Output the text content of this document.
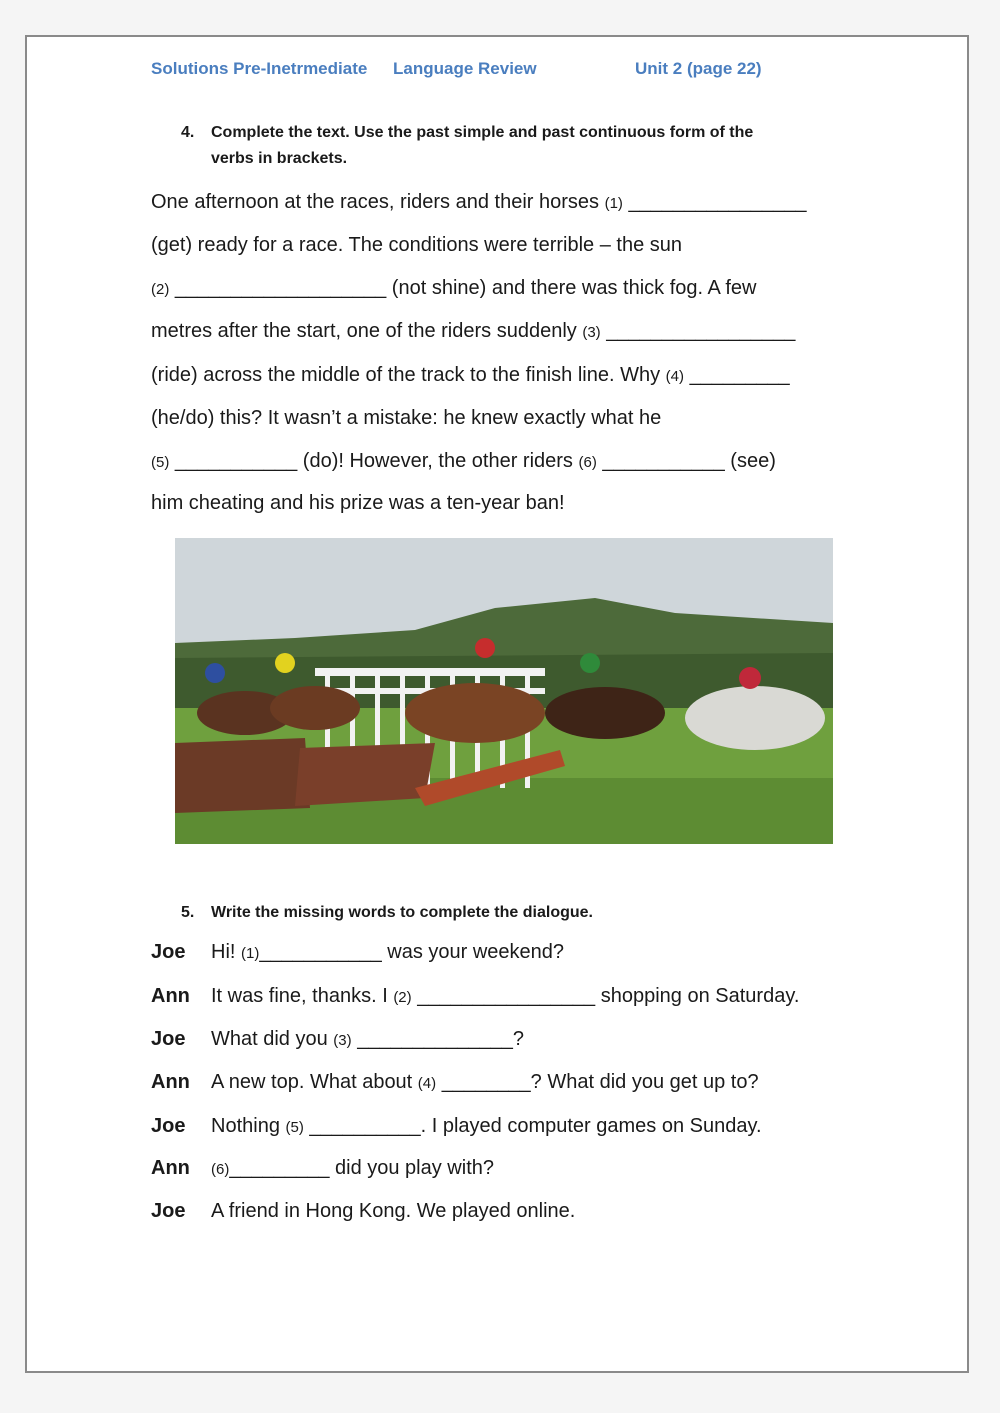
Solutions Pre-Inetrmediate Language Review	Unit 2 (page 22)
4. Complete the text. Use the past simple and past continuous form of the
verbs in brackets.
One afternoon at the races, riders and their horses (1) ________________
(get) ready for a race. The conditions were terrible – the sun
(2) ___________________ (not shine) and there was thick fog. A few
metres after the start, one of the riders suddenly (3) _________________
(ride) across the middle of the track to the finish line. Why (4) _________
(he/do) this? It wasn’t a mistake: he knew exactly what he
(5) ___________ (do)! However, the other riders (6) ___________ (see)
him cheating and his prize was a ten-year ban!
5. Write the missing words to complete the dialogue.
Joe Hi! (1)___________ was your weekend?
Ann It was fine, thanks. I (2) ________________ shopping on Saturday.
Joe What did you (3) ______________?
Ann A new top. What about (4) ________? What did you get up to?
Joe Nothing (5) __________. I played computer games on Sunday.
Ann (6)_________ did you play with?
Joe A friend in Hong Kong. We played online.
